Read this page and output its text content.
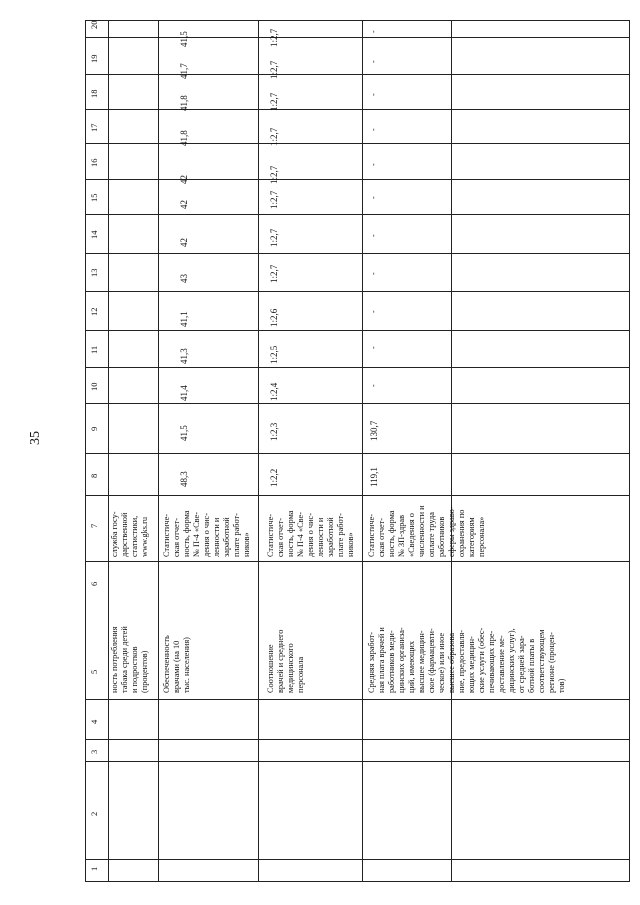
35
1
2
3
4
5
6
7
8
9
10
11
12
13
14
15
16
17
18
19
20
ность потребления
табака среди детей
и подростков
(процентов)
служба госу-
дарственной
статистики,
www.gks.ru
Обеспеченность
врачами (на 10
тыс. населения)
Статистиче-
ская отчет-
ность, форма
№ П-4 «Све-
дения о чис-
ленности и
заработной
плате работ-
ников»
Соотношение
врачей и среднего
медицинского
персонала
Статистиче-
ская отчет-
ность, форма
№ П-4 «Све-
дения о чис-
ленности и
заработной
плате работ-
ников»
Средняя заработ-
ная плата врачей и
работников меди-
цинских организа-
ций, имеющих
высшее медицин-
ское (фармацевти-
ческое) или иное
высшее образова-
ние, предоставля-
ющих медицин-
ские услуги (обес-
печивающих пре-
доставление ме-
дицинских услуг),
от средней зара-
ботной платы в
соответствующем
регионе (процен-
тов)
Статистиче-
ская отчет-
ность, форма
№ ЗП-здрав
«Сведения о
численности и
оплате труда
работников
сферы здраво-
охранения по
категориям
персонала»
48,3
41,5
41,4
41,3
41,1
43
42
42
42
41,8
41,8
41,7
41,5
1:2,2
1:2,3
1:2,4
1:2,5
1:2,6
1:2,7
1:2,7
1:2,7
1:2,7
1:2,7
1:2,7
1:2,7
1:2,7
119,1
130,7
-
-
-
-
-
-
-
-
-
-
-
